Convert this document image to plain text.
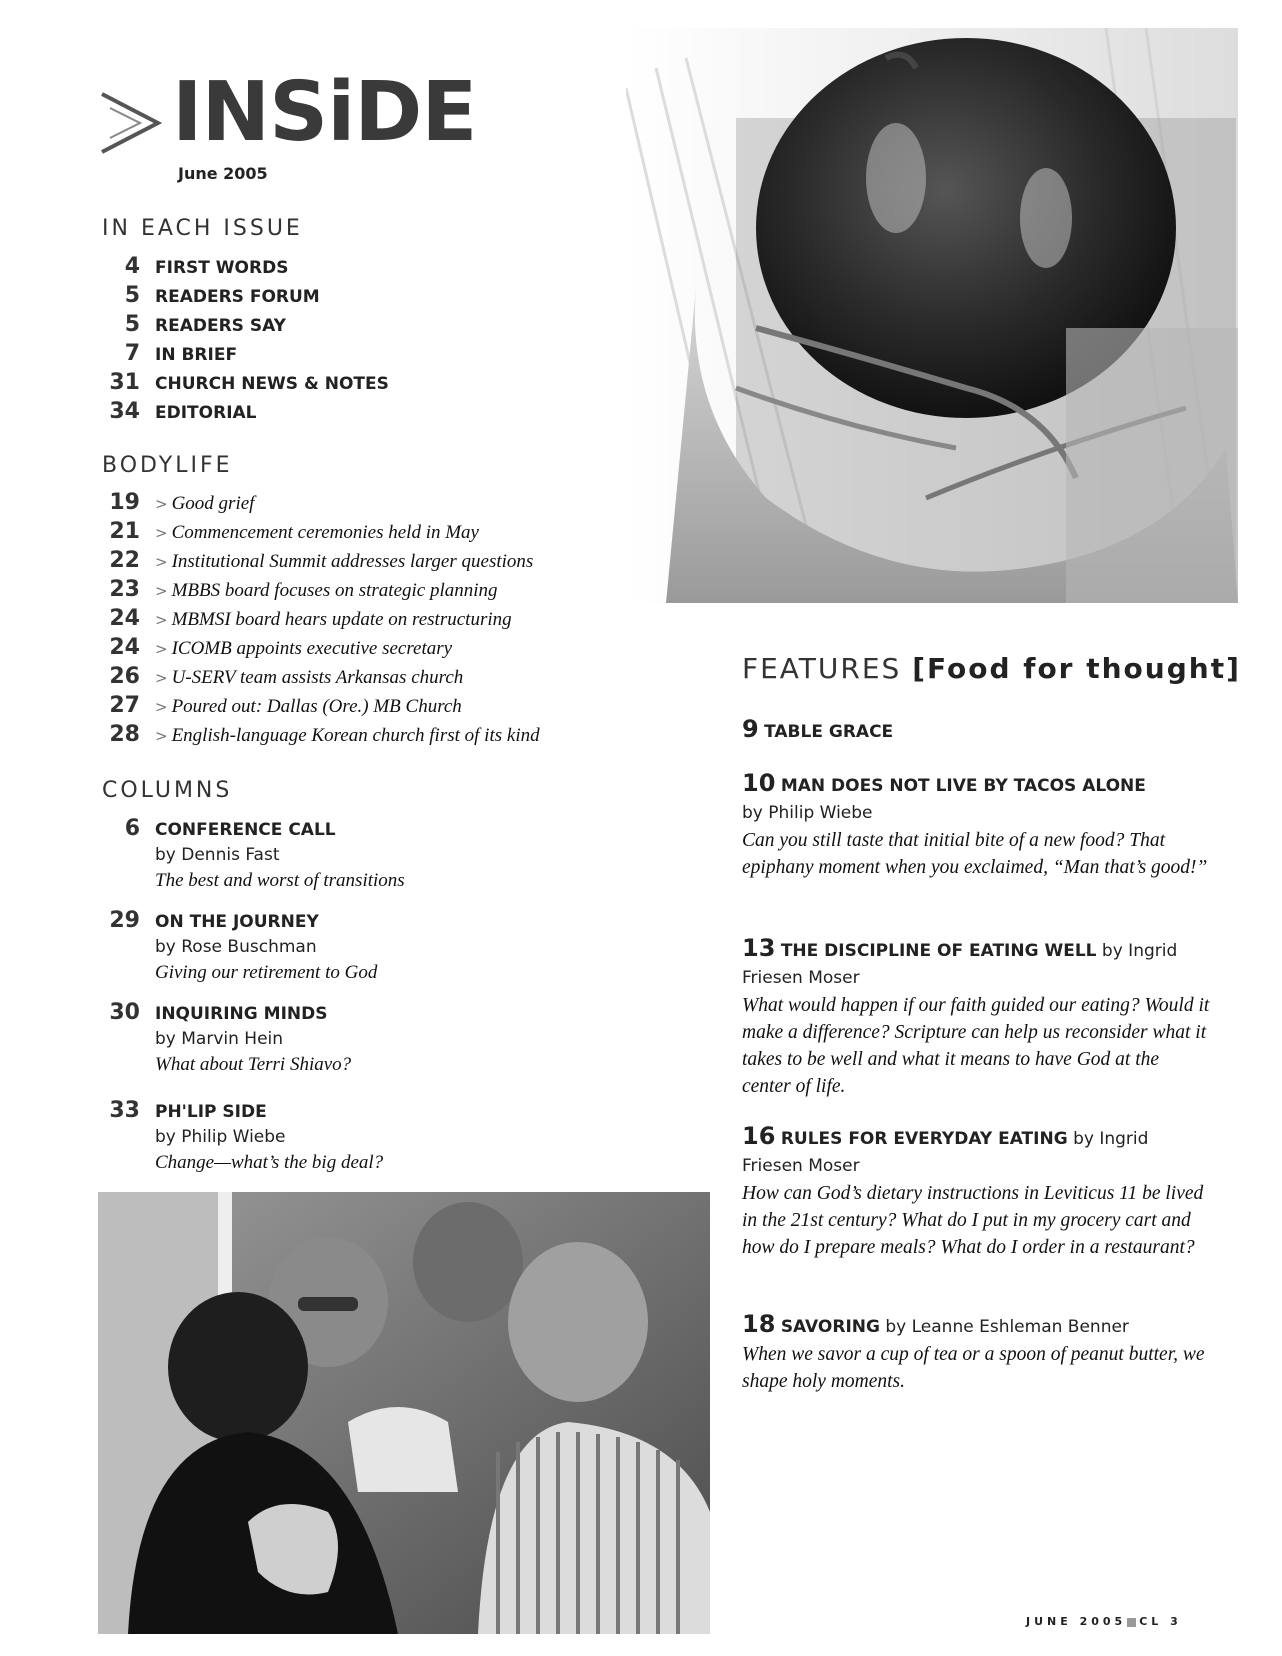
INSiDE
June 2005
IN EACH ISSUE
4 FIRST WORDS
5 READERS FORUM
5 READERS SAY
7 IN BRIEF
31 CHURCH NEWS & NOTES
34 EDITORIAL
BODYLIFE
19 > Good grief
21 > Commencement ceremonies held in May
22 > Institutional Summit addresses larger questions
23 > MBBS board focuses on strategic planning
24 > MBMSI board hears update on restructuring
24 > ICOMB appoints executive secretary
26 > U-SERV team assists Arkansas church
27 > Poured out: Dallas (Ore.) MB Church
28 > English-language Korean church first of its kind
COLUMNS
6 CONFERENCE CALL
by Dennis Fast
The best and worst of transitions
29 ON THE JOURNEY
by Rose Buschman
Giving our retirement to God
30 INQUIRING MINDS
by Marvin Hein
What about Terri Shiavo?
33 PH'LIP SIDE
by Philip Wiebe
Change—what’s the big deal?
FEATURES [Food for thought]
9 TABLE GRACE
10 MAN DOES NOT LIVE BY TACOS ALONE
by Philip Wiebe
Can you still taste that initial bite of a new food? That epiphany moment when you exclaimed, “Man that’s good!”
13 THE DISCIPLINE OF EATING WELL by Ingrid
Friesen Moser
What would happen if our faith guided our eating? Would it make a difference? Scripture can help us reconsider what it takes to be well and what it means to have God at the center of life.
16 RULES FOR EVERYDAY EATING by Ingrid
Friesen Moser
How can God’s dietary instructions in Leviticus 11 be lived in the 21st century? What do I put in my grocery cart and how do I prepare meals? What do I order in a restaurant?
18 SAVORING by Leanne Eshleman Benner
When we savor a cup of tea or a spoon of peanut butter, we shape holy moments.
JUNE 2005 CL 3
